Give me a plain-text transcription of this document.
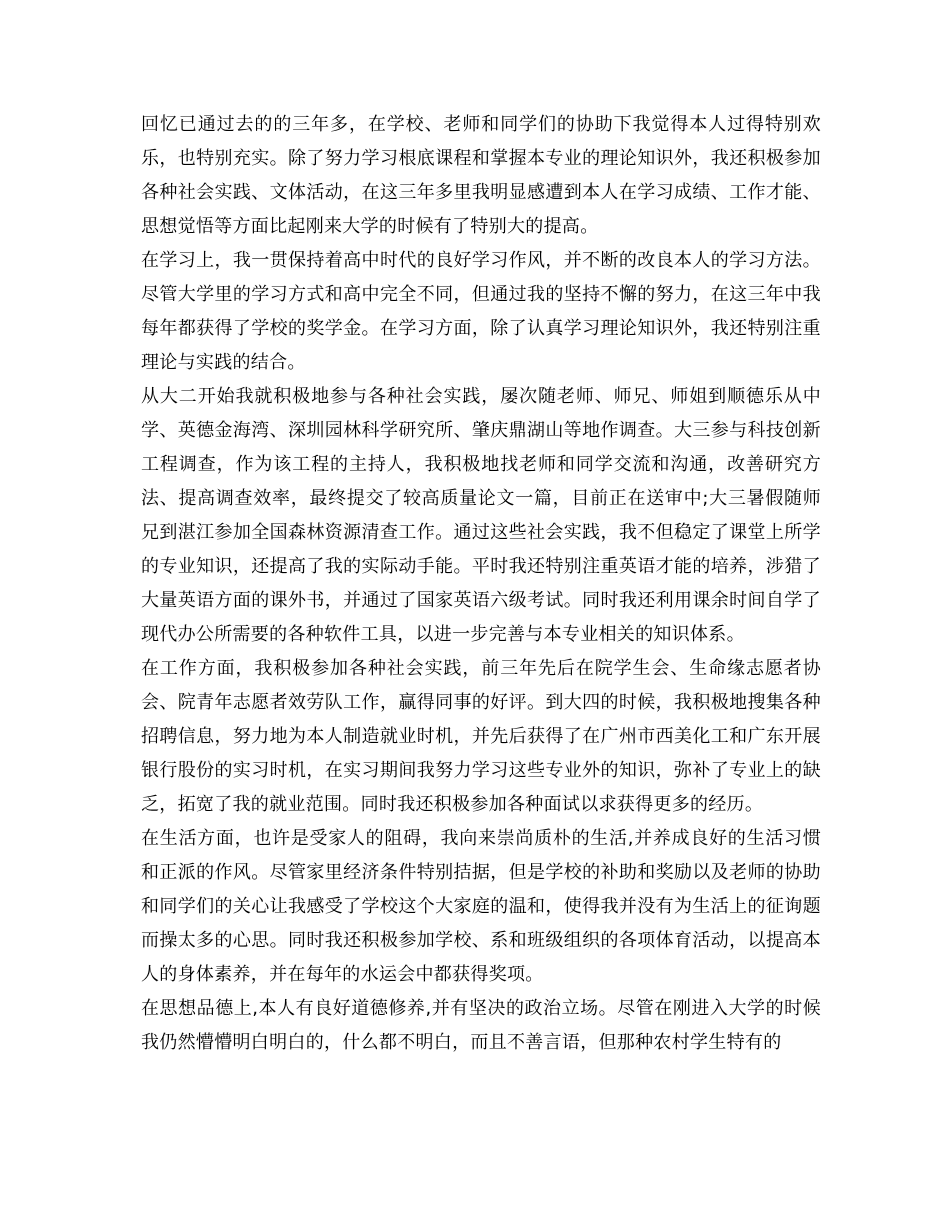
回忆已通过去的的三年多，在学校、老师和同学们的协助下我觉得本人过得特别欢乐，也特别充实。除了努力学习根底课程和掌握本专业的理论知识外，我还积极参加各种社会实践、文体活动，在这三年多里我明显感遭到本人在学习成绩、工作才能、思想觉悟等方面比起刚来大学的时候有了特别大的提高。

在学习上，我一贯保持着高中时代的良好学习作风，并不断的改良本人的学习方法。尽管大学里的学习方式和高中完全不同，但通过我的坚持不懈的努力，在这三年中我每年都获得了学校的奖学金。在学习方面，除了认真学习理论知识外，我还特别注重理论与实践的结合。

从大二开始我就积极地参与各种社会实践，屡次随老师、师兄、师姐到顺德乐从中学、英德金海湾、深圳园林科学研究所、肇庆鼎湖山等地作调查。大三参与科技创新工程调查，作为该工程的主持人，我积极地找老师和同学交流和沟通，改善研究方法、提高调查效率，最终提交了较高质量论文一篇，目前正在送审中;大三暑假随师兄到湛江参加全国森林资源清查工作。通过这些社会实践，我不但稳定了课堂上所学的专业知识，还提高了我的实际动手能。平时我还特别注重英语才能的培养，涉猎了大量英语方面的课外书，并通过了国家英语六级考试。同时我还利用课余时间自学了现代办公所需要的各种软件工具，以进一步完善与本专业相关的知识体系。

在工作方面，我积极参加各种社会实践，前三年先后在院学生会、生命缘志愿者协会、院青年志愿者效劳队工作，赢得同事的好评。到大四的时候，我积极地搜集各种招聘信息，努力地为本人制造就业时机，并先后获得了在广州市西美化工和广东开展银行股份的实习时机，在实习期间我努力学习这些专业外的知识，弥补了专业上的缺乏，拓宽了我的就业范围。同时我还积极参加各种面试以求获得更多的经历。

在生活方面，也许是受家人的阻碍，我向来崇尚质朴的生活,并养成良好的生活习惯和正派的作风。尽管家里经济条件特别拮据，但是学校的补助和奖励以及老师的协助和同学们的关心让我感受了学校这个大家庭的温和，使得我并没有为生活上的征询题而操太多的心思。同时我还积极参加学校、系和班级组织的各项体育活动，以提高本人的身体素养，并在每年的水运会中都获得奖项。

在思想品德上,本人有良好道德修养,并有坚决的政治立场。尽管在刚进入大学的时候我仍然懵懵明白明白的，什么都不明白，而且不善言语，但那种农村学生特有的
